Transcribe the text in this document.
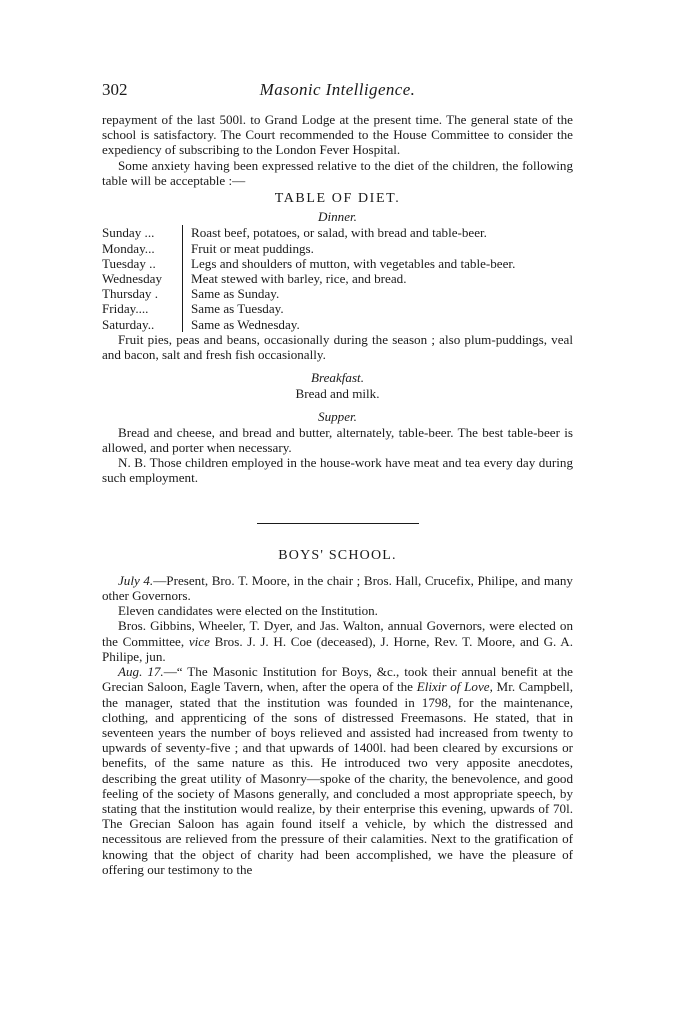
302	Masonic Intelligence.

repayment of the last 500l. to Grand Lodge at the present time. The general state of the school is satisfactory. The Court recommended to the House Committee to consider the expediency of subscribing to the London Fever Hospital.

Some anxiety having been expressed relative to the diet of the children, the following table will be acceptable :—

TABLE OF DIET.
Dinner.
Sunday ...	Roast beef, potatoes, or salad, with bread and table-beer.
Monday...	Fruit or meat puddings.
Tuesday ..	Legs and shoulders of mutton, with vegetables and table-beer.
Wednesday	Meat stewed with barley, rice, and bread.
Thursday .	Same as Sunday.
Friday....	Same as Tuesday.
Saturday..	Same as Wednesday.

Fruit pies, peas and beans, occasionally during the season ; also plum-puddings, veal and bacon, salt and fresh fish occasionally.

Breakfast.
Bread and milk.
Supper.

Bread and cheese, and bread and butter, alternately, table-beer. The best table-beer is allowed, and porter when necessary.

N. B. Those children employed in the house-work have meat and tea every day during such employment.

BOYS' SCHOOL.

July 4.—Present, Bro. T. Moore, in the chair ; Bros. Hall, Crucefix, Philipe, and many other Governors.

Eleven candidates were elected on the Institution.

Bros. Gibbins, Wheeler, T. Dyer, and Jas. Walton, annual Governors, were elected on the Committee, vice Bros. J. J. H. Coe (deceased), J. Horne, Rev. T. Moore, and G. A. Philipe, jun.

Aug. 17.—“ The Masonic Institution for Boys, &c., took their annual benefit at the Grecian Saloon, Eagle Tavern, when, after the opera of the Elixir of Love, Mr. Campbell, the manager, stated that the institution was founded in 1798, for the maintenance, clothing, and apprenticing of the sons of distressed Freemasons. He stated, that in seventeen years the number of boys relieved and assisted had increased from twenty to upwards of seventy-five ; and that upwards of 1400l. had been cleared by excursions or benefits, of the same nature as this. He introduced two very apposite anecdotes, describing the great utility of Masonry—spoke of the charity, the benevolence, and good feeling of the society of Masons generally, and concluded a most appropriate speech, by stating that the institution would realize, by their enterprise this evening, upwards of 70l. The Grecian Saloon has again found itself a vehicle, by which the distressed and necessitous are relieved from the pressure of their calamities. Next to the gratification of knowing that the object of charity had been accomplished, we have the pleasure of offering our testimony to the
